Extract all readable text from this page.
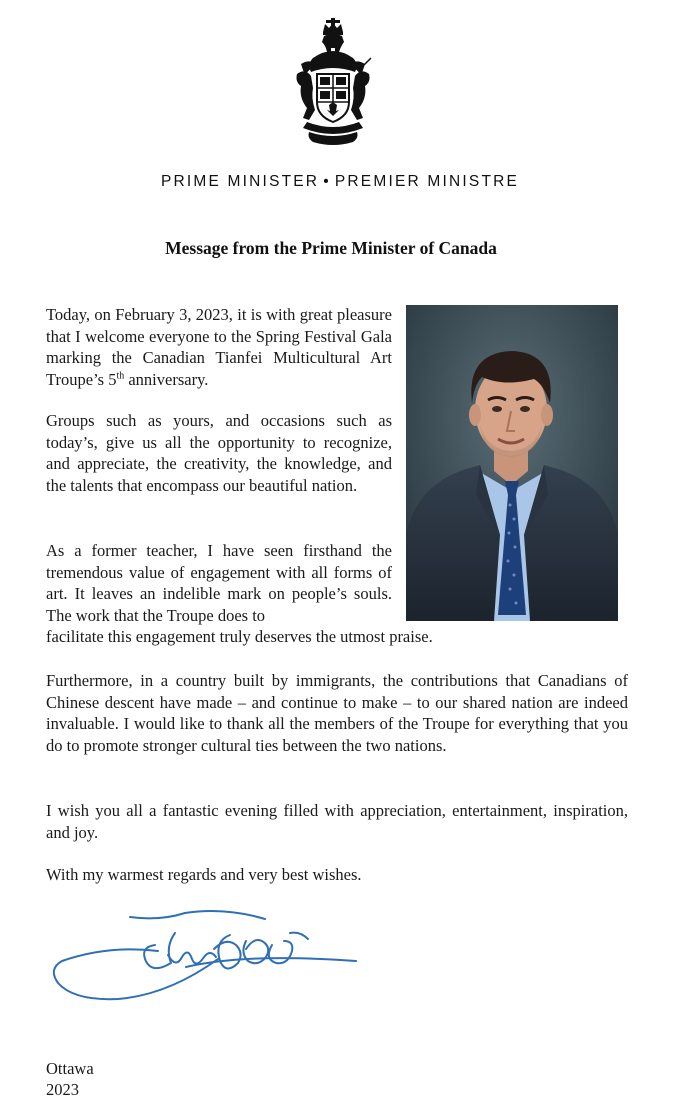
PRIME MINISTER • PREMIER MINISTRE
Message from the Prime Minister of Canada
Today, on February 3, 2023, it is with great pleasure that I welcome everyone to the Spring Festival Gala marking the Canadian Tianfei Multicultural Art Troupe’s 5th anniversary.
Groups such as yours, and occasions such as today’s, give us all the opportunity to recognize, and appreciate, the creativity, the knowledge, and the talents that encompass our beautiful nation.
As a former teacher, I have seen firsthand the tremendous value of engagement with all forms of art. It leaves an indelible mark on people’s souls. The work that the Troupe does to
facilitate this engagement truly deserves the utmost praise.
Furthermore, in a country built by immigrants, the contributions that Canadians of Chinese descent have made – and continue to make – to our shared nation are indeed invaluable. I would like to thank all the members of the Troupe for everything that you do to promote stronger cultural ties between the two nations.
I wish you all a fantastic evening filled with appreciation, entertainment, inspiration, and joy.
With my warmest regards and very best wishes.
Ottawa
2023
